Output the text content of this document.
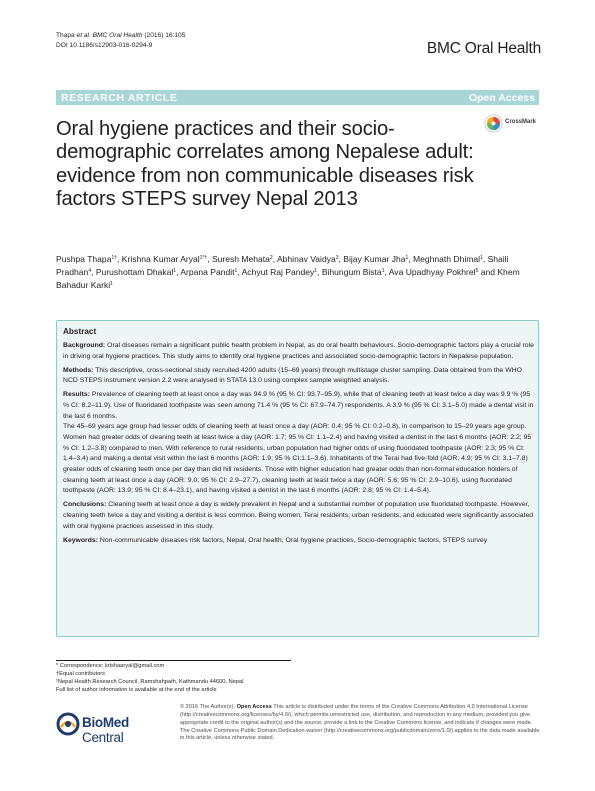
Thapa et al. BMC Oral Health (2016) 16:105
DOI 10.1186/s12903-016-0294-9	BMC Oral Health
RESEARCH ARTICLE	Open Access
Oral hygiene practices and their socio-demographic correlates among Nepalese adult: evidence from non communicable diseases risk factors STEPS survey Nepal 2013
CrossMark
Pushpa Thapa$^{1\dagger}$, Krishna Kumar Aryal$^{1*\dagger}$, Suresh Mehata$^2$, Abhinav Vaidya$^3$, Bijay Kumar Jha$^1$, Meghnath Dhimal$^1$, Shaili Pradhan$^4$, Purushottam Dhakal$^1$, Arpana Pandit$^1$, Achyut Raj Pandey$^1$, Bihungum Bista$^1$, Ava Upadhyay Pokhrel$^5$ and Khem Bahadur Karki$^1$
Abstract

Background: Oral diseases remain a significant public health problem in Nepal, as do oral health behaviours. Socio-demographic factors play a crucial role in driving oral hygiene practices. This study aims to identify oral hygiene practices and associated socio-demographic factors in Nepalese population.

Methods: This descriptive, cross-sectional study recruited 4200 adults (15–69 years) through multistage cluster sampling. Data obtained from the WHO NCD STEPS instrument version 2.2 were analysed in STATA 13.0 using complex sample weighted analysis.

Results: Prevalence of cleaning teeth at least once a day was 94.9 % (95 % CI: 93.7–95.9), while that of cleaning teeth at least twice a day was 9.9 % (95 % CI: 8.2–11.9). Use of fluoridated toothpaste was seen among 71.4 % (95 % CI: 67.9–74.7) respondents. A 3.9 % (95 % CI: 3.1–5.0) made a dental visit in the last 6 months.

The 45–69 years age group had lesser odds of cleaning teeth at least once a day (AOR: 0.4; 95 % CI: 0.2–0.8), in comparison to 15–29 years age group. Women had greater odds of cleaning teeth at least twice a day (AOR: 1.7; 95 % CI: 1.1–2.4) and having visited a dentist in the last 6 months (AOR: 2.2; 95 % CI: 1.2–3.8) compared to men. With reference to rural residents, urban population had higher odds of using fluoridated toothpaste (AOR: 2.3; 95 % CI: 1.4–3.4) and making a dental visit within the last 6 months (AOR: 1.9; 95 % CI:1.1–3.6). Inhabitants of the Terai had five-fold (AOR: 4.9; 95 % CI: 3.1–7.8) greater odds of cleaning teeth once per day than did hill residents. Those with higher education had greater odds than non-formal education holders of cleaning teeth at least once a day (AOR: 9.0; 95 % CI: 2.9–27.7), cleaning teeth at least twice a day (AOR: 5.6; 95 % CI: 2.9–10.6), using fluoridated toothpaste (AOR: 13.9; 95 % CI: 8.4–23.1), and having visited a dentist in the last 6 months (AOR: 2.8; 95 % CI: 1.4–5.4).

Conclusions: Cleaning teeth at least once a day is widely prevalent in Nepal and a substantial number of population use fluoridated toothpaste. However, cleaning teeth twice a day and visiting a dentist is less common. Being women, Terai residents, urban residents, and educated were significantly associated with oral hygiene practices assessed in this study.

Keywords: Non-communicable diseases risk factors, Nepal, Oral health, Oral hygiene practices, Socio-demographic factors, STEPS survey

* Correspondence: krishaaryal@gmail.com
†Equal contributors
¹Nepal Health Research Council, Ramshahpath, Kathmandu 44600, Nepal
Full list of author information is available at the end of the article
BioMed Central
© 2016 The Author(s). Open Access This article is distributed under the terms of the Creative Commons Attribution 4.0 International License (http://creativecommons.org/licenses/by/4.0/), which permits unrestricted use, distribution, and reproduction in any medium, provided you give appropriate credit to the original author(s) and the source, provide a link to the Creative Commons license, and indicate if changes were made. The Creative Commons Public Domain Dedication waiver (http://creativecommons.org/publicdomain/zero/1.0/) applies to the data made available in this article, unless otherwise stated.
